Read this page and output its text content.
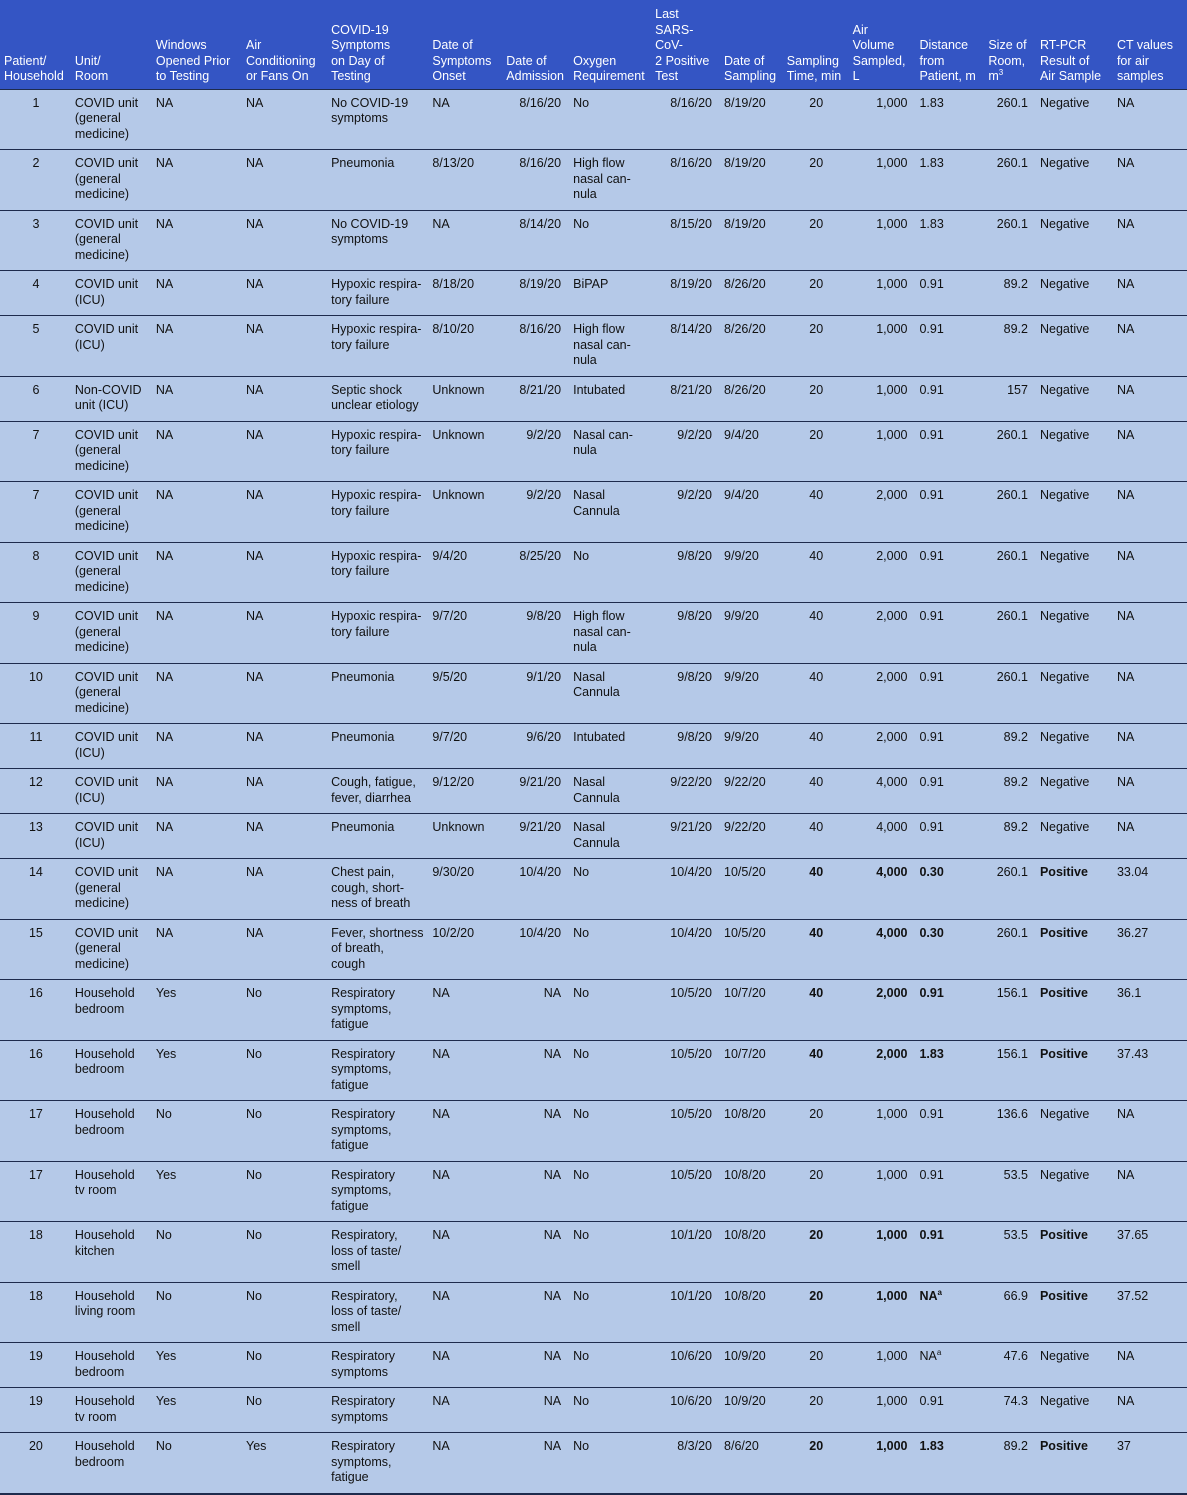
Patient/
Household	Unit/
Room	Windows
Opened Prior
to Testing	Air
Conditioning
or Fans On	COVID-19
Symptoms
on Day of
Testing	Date of
Symptoms
Onset	Date of
Admission	Oxygen
Requirement	Last
SARS-CoV-
2 Positive
Test	Date of
Sampling	Sampling
Time, min	Air
Volume
Sampled,
L	Distance
from
Patient, m	Size of
Room,
$m^3$	RT-PCR
Result of
Air Sample	CT values
for air
samples
1	COVID unit
(general
medicine)	NA	NA	No COVID-19
symptoms	NA	8/16/20	No	8/16/20	8/19/20	20	1,000	1.83	260.1	Negative	NA
2	COVID unit
(general
medicine)	NA	NA	Pneumonia	8/13/20	8/16/20	High flow
nasal can-
nula	8/16/20	8/19/20	20	1,000	1.83	260.1	Negative	NA
3	COVID unit
(general
medicine)	NA	NA	No COVID-19
symptoms	NA	8/14/20	No	8/15/20	8/19/20	20	1,000	1.83	260.1	Negative	NA
4	COVID unit
(ICU)	NA	NA	Hypoxic respira-
tory failure	8/18/20	8/19/20	BiPAP	8/19/20	8/26/20	20	1,000	0.91	89.2	Negative	NA
5	COVID unit
(ICU)	NA	NA	Hypoxic respira-
tory failure	8/10/20	8/16/20	High flow
nasal can-
nula	8/14/20	8/26/20	20	1,000	0.91	89.2	Negative	NA
6	Non-COVID
unit (ICU)	NA	NA	Septic shock
unclear etiology	Unknown	8/21/20	Intubated	8/21/20	8/26/20	20	1,000	0.91	157	Negative	NA
7	COVID unit
(general
medicine)	NA	NA	Hypoxic respira-
tory failure	Unknown	9/2/20	Nasal can-
nula	9/2/20	9/4/20	20	1,000	0.91	260.1	Negative	NA
7	COVID unit
(general
medicine)	NA	NA	Hypoxic respira-
tory failure	Unknown	9/2/20	Nasal
Cannula	9/2/20	9/4/20	40	2,000	0.91	260.1	Negative	NA
8	COVID unit
(general
medicine)	NA	NA	Hypoxic respira-
tory failure	9/4/20	8/25/20	No	9/8/20	9/9/20	40	2,000	0.91	260.1	Negative	NA
9	COVID unit
(general
medicine)	NA	NA	Hypoxic respira-
tory failure	9/7/20	9/8/20	High flow
nasal can-
nula	9/8/20	9/9/20	40	2,000	0.91	260.1	Negative	NA
10	COVID unit
(general
medicine)	NA	NA	Pneumonia	9/5/20	9/1/20	Nasal
Cannula	9/8/20	9/9/20	40	2,000	0.91	260.1	Negative	NA
11	COVID unit
(ICU)	NA	NA	Pneumonia	9/7/20	9/6/20	Intubated	9/8/20	9/9/20	40	2,000	0.91	89.2	Negative	NA
12	COVID unit
(ICU)	NA	NA	Cough, fatigue,
fever, diarrhea	9/12/20	9/21/20	Nasal
Cannula	9/22/20	9/22/20	40	4,000	0.91	89.2	Negative	NA
13	COVID unit
(ICU)	NA	NA	Pneumonia	Unknown	9/21/20	Nasal
Cannula	9/21/20	9/22/20	40	4,000	0.91	89.2	Negative	NA
14	COVID unit
(general
medicine)	NA	NA	Chest pain,
cough, short-
ness of breath	9/30/20	10/4/20	No	10/4/20	10/5/20	40	4,000	0.30	260.1	Positive	33.04
15	COVID unit
(general
medicine)	NA	NA	Fever, shortness
of breath,
cough	10/2/20	10/4/20	No	10/4/20	10/5/20	40	4,000	0.30	260.1	Positive	36.27
16	Household
bedroom	Yes	No	Respiratory
symptoms,
fatigue	NA	NA	No	10/5/20	10/7/20	40	2,000	0.91	156.1	Positive	36.1
16	Household
bedroom	Yes	No	Respiratory
symptoms,
fatigue	NA	NA	No	10/5/20	10/7/20	40	2,000	1.83	156.1	Positive	37.43
17	Household
bedroom	No	No	Respiratory
symptoms,
fatigue	NA	NA	No	10/5/20	10/8/20	20	1,000	0.91	136.6	Negative	NA
17	Household
tv room	Yes	No	Respiratory
symptoms,
fatigue	NA	NA	No	10/5/20	10/8/20	20	1,000	0.91	53.5	Negative	NA
18	Household
kitchen	No	No	Respiratory,
loss of taste/
smell	NA	NA	No	10/1/20	10/8/20	20	1,000	0.91	53.5	Positive	37.65
18	Household
living room	No	No	Respiratory,
loss of taste/
smell	NA	NA	No	10/1/20	10/8/20	20	1,000	$NA^a$	66.9	Positive	37.52
19	Household
bedroom	Yes	No	Respiratory
symptoms	NA	NA	No	10/6/20	10/9/20	20	1,000	$NA^a$	47.6	Negative	NA
19	Household
tv room	Yes	No	Respiratory
symptoms	NA	NA	No	10/6/20	10/9/20	20	1,000	0.91	74.3	Negative	NA
20	Household
bedroom	No	Yes	Respiratory
symptoms,
fatigue	NA	NA	No	8/3/20	8/6/20	20	1,000	1.83	89.2	Positive	37
